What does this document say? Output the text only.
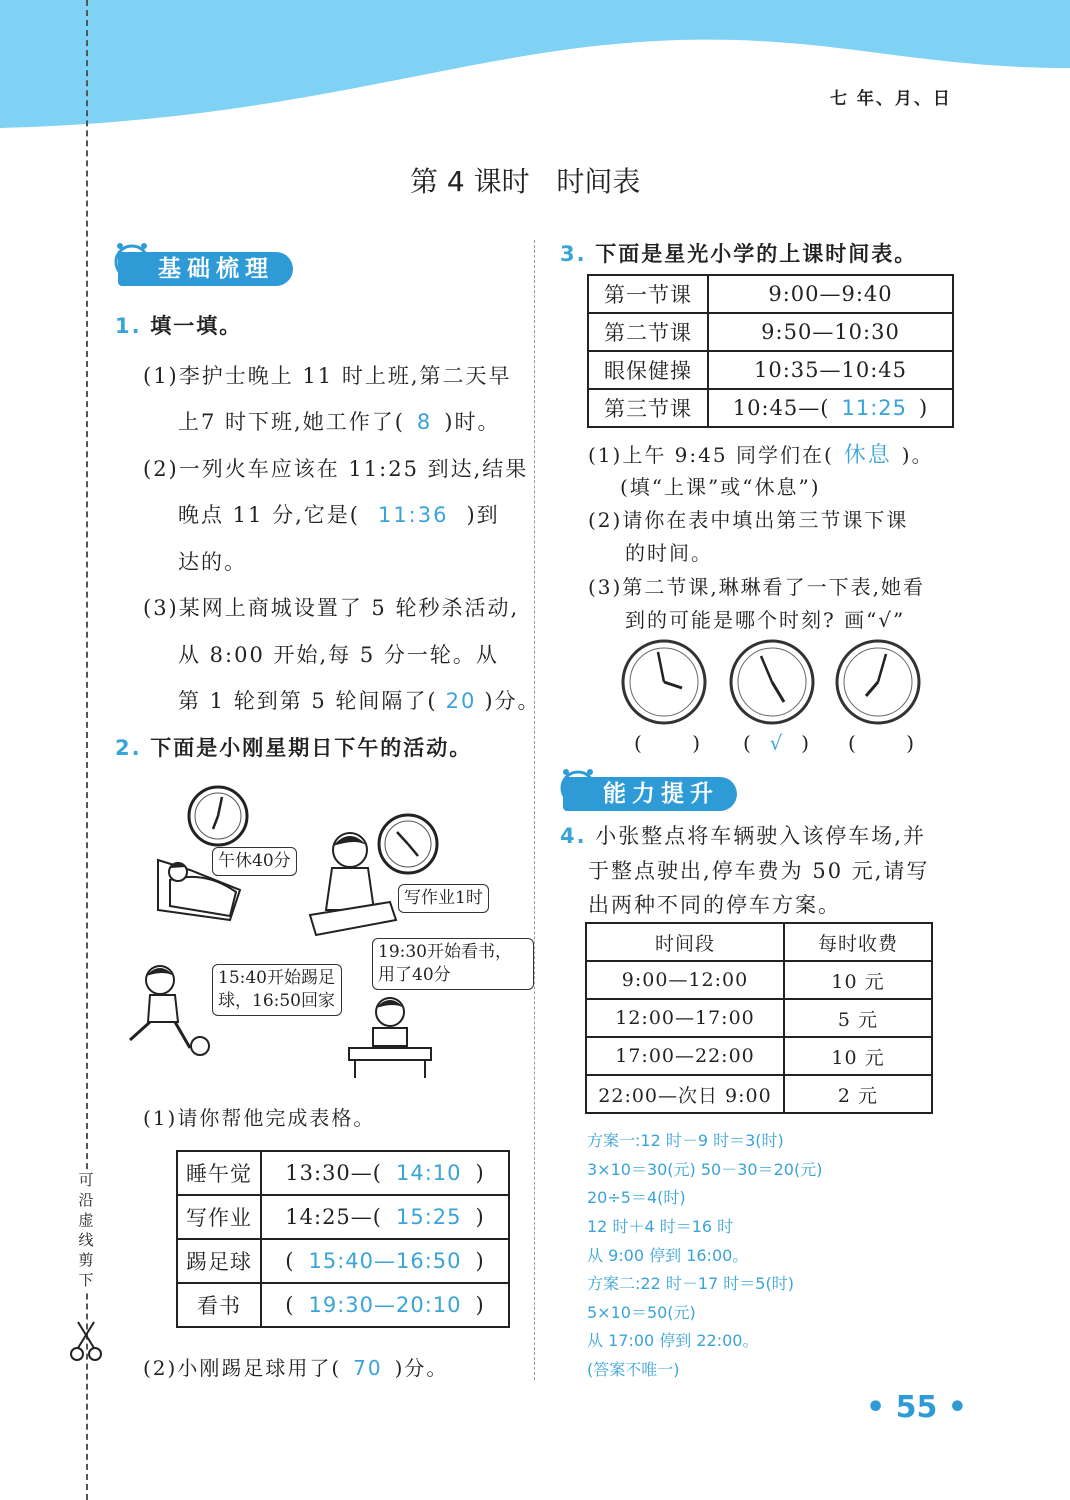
七 年、月、日
第 4 课时   时间表
基础梳理
1. 填一填。
(1)李护士晚上 11 时上班,第二天早
上7 时下班,她工作了( 8 )时。
(2)一列火车应该在 11:25 到达,结果
晚点 11 分,它是( 11:36 )到
达的。
(3)某网上商城设置了 5 轮秒杀活动,
从 8:00 开始,每 5 分一轮。从
第 1 轮到第 5 轮间隔了( 20 )分。
2. 下面是小刚星期日下午的活动。
午休40分
写作业1时
15:40开始踢足球，16:50回家
19:30开始看书，用了40分
(1)请你帮他完成表格。
睡午觉	13:30—( 14:10 )
写作业	14:25—( 15:25 )
踢足球	( 15:40—16:50 )
看书	( 19:30—20:10 )
(2)小刚踢足球用了( 70 )分。
可
沿
虚
线
剪
下
3. 下面是星光小学的上课时间表。
第一节课	9:00—9:40
第二节课	9:50—10:30
眼保健操	10:35—10:45
第三节课	10:45—( 11:25 )
(1)上午 9:45 同学们在( 休息 )。
(填“上课”或“休息”)
(2)请你在表中填出第三节课下课
的时间。
(3)第二节课,琳琳看了一下表,她看
到的可能是哪个时刻? 画“√”
(	) ( √ ) (	)
能力提升
4. 小张整点将车辆驶入该停车场,并
于整点驶出,停车费为 50 元,请写
出两种不同的停车方案。
时间段	每时收费
9:00—12:00	10 元
12:00—17:00	5 元
17:00—22:00	10 元
22:00—次日 9:00	2 元
方案一:12 时－9 时＝3(时)
3×10＝30(元) 50－30＝20(元)
20÷5＝4(时)
12 时＋4 时＝16 时
从 9:00 停到 16:00。
方案二:22 时－17 时＝5(时)
5×10＝50(元)
从 17:00 停到 22:00。
(答案不唯一)
• 55 •
